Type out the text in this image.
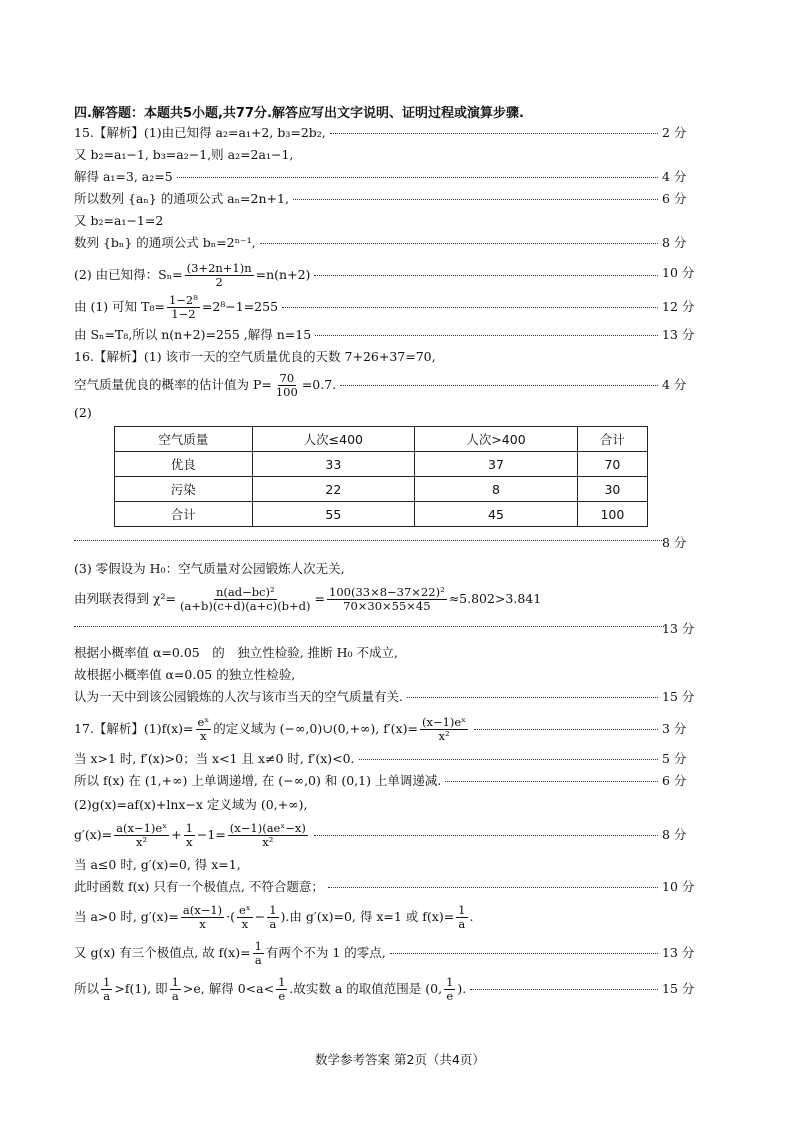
四.解答题：本题共5小题,共77分.解答应写出文字说明、证明过程或演算步骤.
15.【解析】(1)由已知得 a₂=a₁+2, b₃=2b₂,	2 分
又 b₂=a₁−1, b₃=a₂−1,则 a₂=2a₁−1,
解得 a₁=3, a₂=5	4 分
所以数列 {aₙ} 的通项公式 aₙ=2n+1,	6 分
又 b₂=a₁−1=2
数列 {bₙ} 的通项公式 bₙ=2ⁿ⁻¹,	8 分
(2) 由已知得：$S_n= \frac{(3+2n+1)n}{2} =n(n+2)$	10 分
由 (1) 可知 $T_8= \frac{\text{1−2⁸}}{1-2} =2^8-1=255$	12 分
由 Sₙ=T₈,所以 n(n+2)=255 ,解得 n=15	13 分
16.【解析】(1) 该市一天的空气质量优良的天数 7+26+37=70,
空气质量优良的概率的估计值为 $P= \frac{70}{100} =0.7$.	4 分
(2)
空气质量	人次≤400	人次>400	合计
优良	33	37	70
污染	22	8	30
合计	55	45	100
8 分
(3) 零假设为 H₀：空气质量对公园锻炼人次无关,
由列联表得到 $\chi^2= \frac{\text{n(ad−bc)²}}{(a+b)(c+d)(a+c)(b+d)} = \frac{\text{100(33×8−37×22)²}}{70\times 30\times 55\times 45} \approx 5.802>3.841$
13 分
根据小概率值 α=0.05　的　独立性检验, 推断 H₀ 不成立,
故根据小概率值 α=0.05 的独立性检验,
认为一天中到该公园锻炼的人次与该市当天的空气质量有关.	15 分
17.【解析】$(1)f(x)= \frac{\text{eˣ}}{x}$ 的定义域为 (−∞,0)∪(0,+∞), $f'(x)= \frac{\text{(x−1)eˣ}}{\text{x²}}$	3 分
当 x>1 时, f′(x)>0；当 x<1 且 x≠0 时, f′(x)<0.	5 分
所以 f(x) 在 (1,+∞) 上单调递增, 在 (−∞,0) 和 (0,1) 上单调递减.	6 分
(2)g(x)=af(x)+lnx−x 定义域为 (0,+∞),
$g'(x)= \frac{\text{a(x−1)eˣ}}{\text{x²}} + \frac{1}{x} -1= \frac{\text{(x−1)(aeˣ−x)}}{\text{x²}}$	8 分
当 a≤0 时, g′(x)=0, 得 x=1,
此时函数 f(x) 只有一个极值点, 不符合题意；	10 分
当 a>0 时, $g'(x)= \frac{a(x-1)}{x}$ ·( $\frac{\text{eˣ}}{x} - \frac{1}{a}$ ).由 g′(x)=0, 得 x=1 或 $f(x)= \frac{1}{a}$ .
又 g(x) 有三个极值点, 故 $f(x)= \frac{1}{a}$ 有两个不为 1 的零点,	13 分
所以 $\frac{1}{a} >f(1)$, 即 $\frac{1}{a} >e$, 解得 $0<a< \frac{1}{e}$ .故实数 a 的取值范围是 (0, $\frac{1}{e}$ ).	15 分
数学参考答案 第2页（共4页）
